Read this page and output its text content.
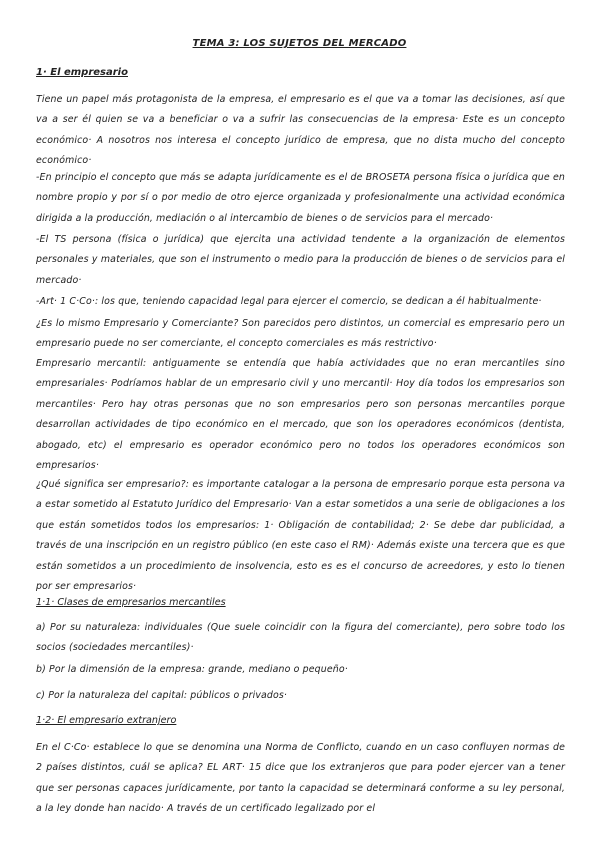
TEMA 3: LOS SUJETOS DEL MERCADO
1· El empresario
Tiene un papel más protagonista de la empresa, el empresario es el que va a tomar las decisiones, así que va a ser él quien se va a beneficiar o va a sufrir las consecuencias de la empresa· Este es un concepto económico· A nosotros nos interesa el concepto jurídico de empresa, que no dista mucho del concepto económico·
-En principio el concepto que más se adapta jurídicamente es el de BROSETA persona física o jurídica que en nombre propio y por sí o por medio de otro ejerce organizada y profesionalmente una actividad económica dirigida a la producción, mediación o al intercambio de bienes o de servicios para el mercado·
-El TS persona (física o jurídica) que ejercita una actividad tendente a la organización de elementos personales y materiales, que son el instrumento o medio para la producción de bienes o de servicios para el mercado·
-Art· 1 C·Co·: los que, teniendo capacidad legal para ejercer el comercio, se dedican a él habitualmente·
¿Es lo mismo Empresario y Comerciante? Son parecidos pero distintos, un comercial es empresario pero un empresario puede no ser comerciante, el concepto comerciales es más restrictivo·
Empresario mercantil: antiguamente se entendía que había actividades que no eran mercantiles sino empresariales· Podríamos hablar de un empresario civil y uno mercantil· Hoy día todos los empresarios son mercantiles· Pero hay otras personas que no son empresarios pero son personas mercantiles porque desarrollan actividades de tipo económico en el mercado, que son los operadores económicos (dentista, abogado, etc) el empresario es operador económico pero no todos los operadores económicos son empresarios·
¿Qué significa ser empresario?: es importante catalogar a la persona de empresario porque esta persona va a estar sometido al Estatuto Jurídico del Empresario· Van a estar sometidos a una serie de obligaciones a los que están sometidos todos los empresarios: 1· Obligación de contabilidad; 2· Se debe dar publicidad, a través de una inscripción en un registro público (en este caso el RM)· Además existe una tercera que es que están sometidos a un procedimiento de insolvencia, esto es es el concurso de acreedores, y esto lo tienen por ser empresarios·
1·1· Clases de empresarios mercantiles
a) Por su naturaleza: individuales (Que suele coincidir con la figura del comerciante), pero sobre todo los socios (sociedades mercantiles)·
b) Por la dimensión de la empresa: grande, mediano o pequeño·
c) Por la naturaleza del capital: públicos o privados·
1·2· El empresario extranjero
En el C·Co· establece lo que se denomina una Norma de Conflicto, cuando en un caso confluyen normas de 2 países distintos, cuál se aplica? EL ART· 15 dice que los extranjeros que para poder ejercer van a tener que ser personas capaces jurídicamente, por tanto la capacidad se determinará conforme a su ley personal, a la ley donde han nacido· A través de un certificado legalizado por el
